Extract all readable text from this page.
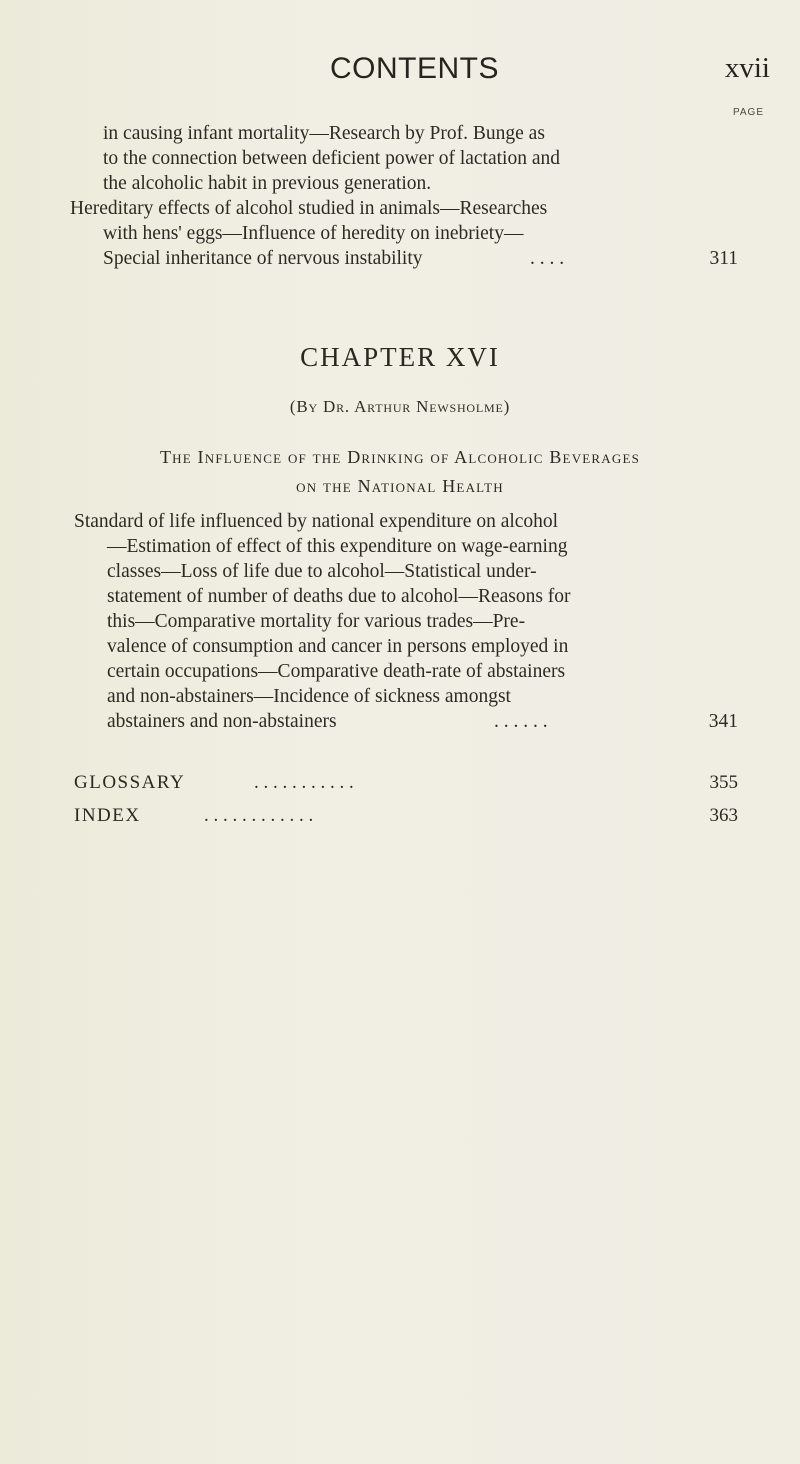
CONTENTS	xvii
PAGE
in causing infant mortality—Research by Prof. Bunge as
to the connection between deficient power of lactation and
the alcoholic habit in previous generation.
Hereditary effects of alcohol studied in animals—Researches
with hens' eggs—Influence of heredity on inebriety—
Special inheritance of nervous instability	. . . .	311
CHAPTER XVI
(By Dr. Arthur Newsholme)
The Influence of the Drinking of Alcoholic Beverages
on the National Health
Standard of life influenced by national expenditure on alcohol
—Estimation of effect of this expenditure on wage-earning
classes—Loss of life due to alcohol—Statistical under-
statement of number of deaths due to alcohol—Reasons for
this—Comparative mortality for various trades—Pre-
valence of consumption and cancer in persons employed in
certain occupations—Comparative death-rate of abstainers
and non-abstainers—Incidence of sickness amongst
abstainers and non-abstainers	. . . . . .	341
GLOSSARY	. . . . . . . . . . .	355
INDEX	. . . . . . . . . . . .	363
